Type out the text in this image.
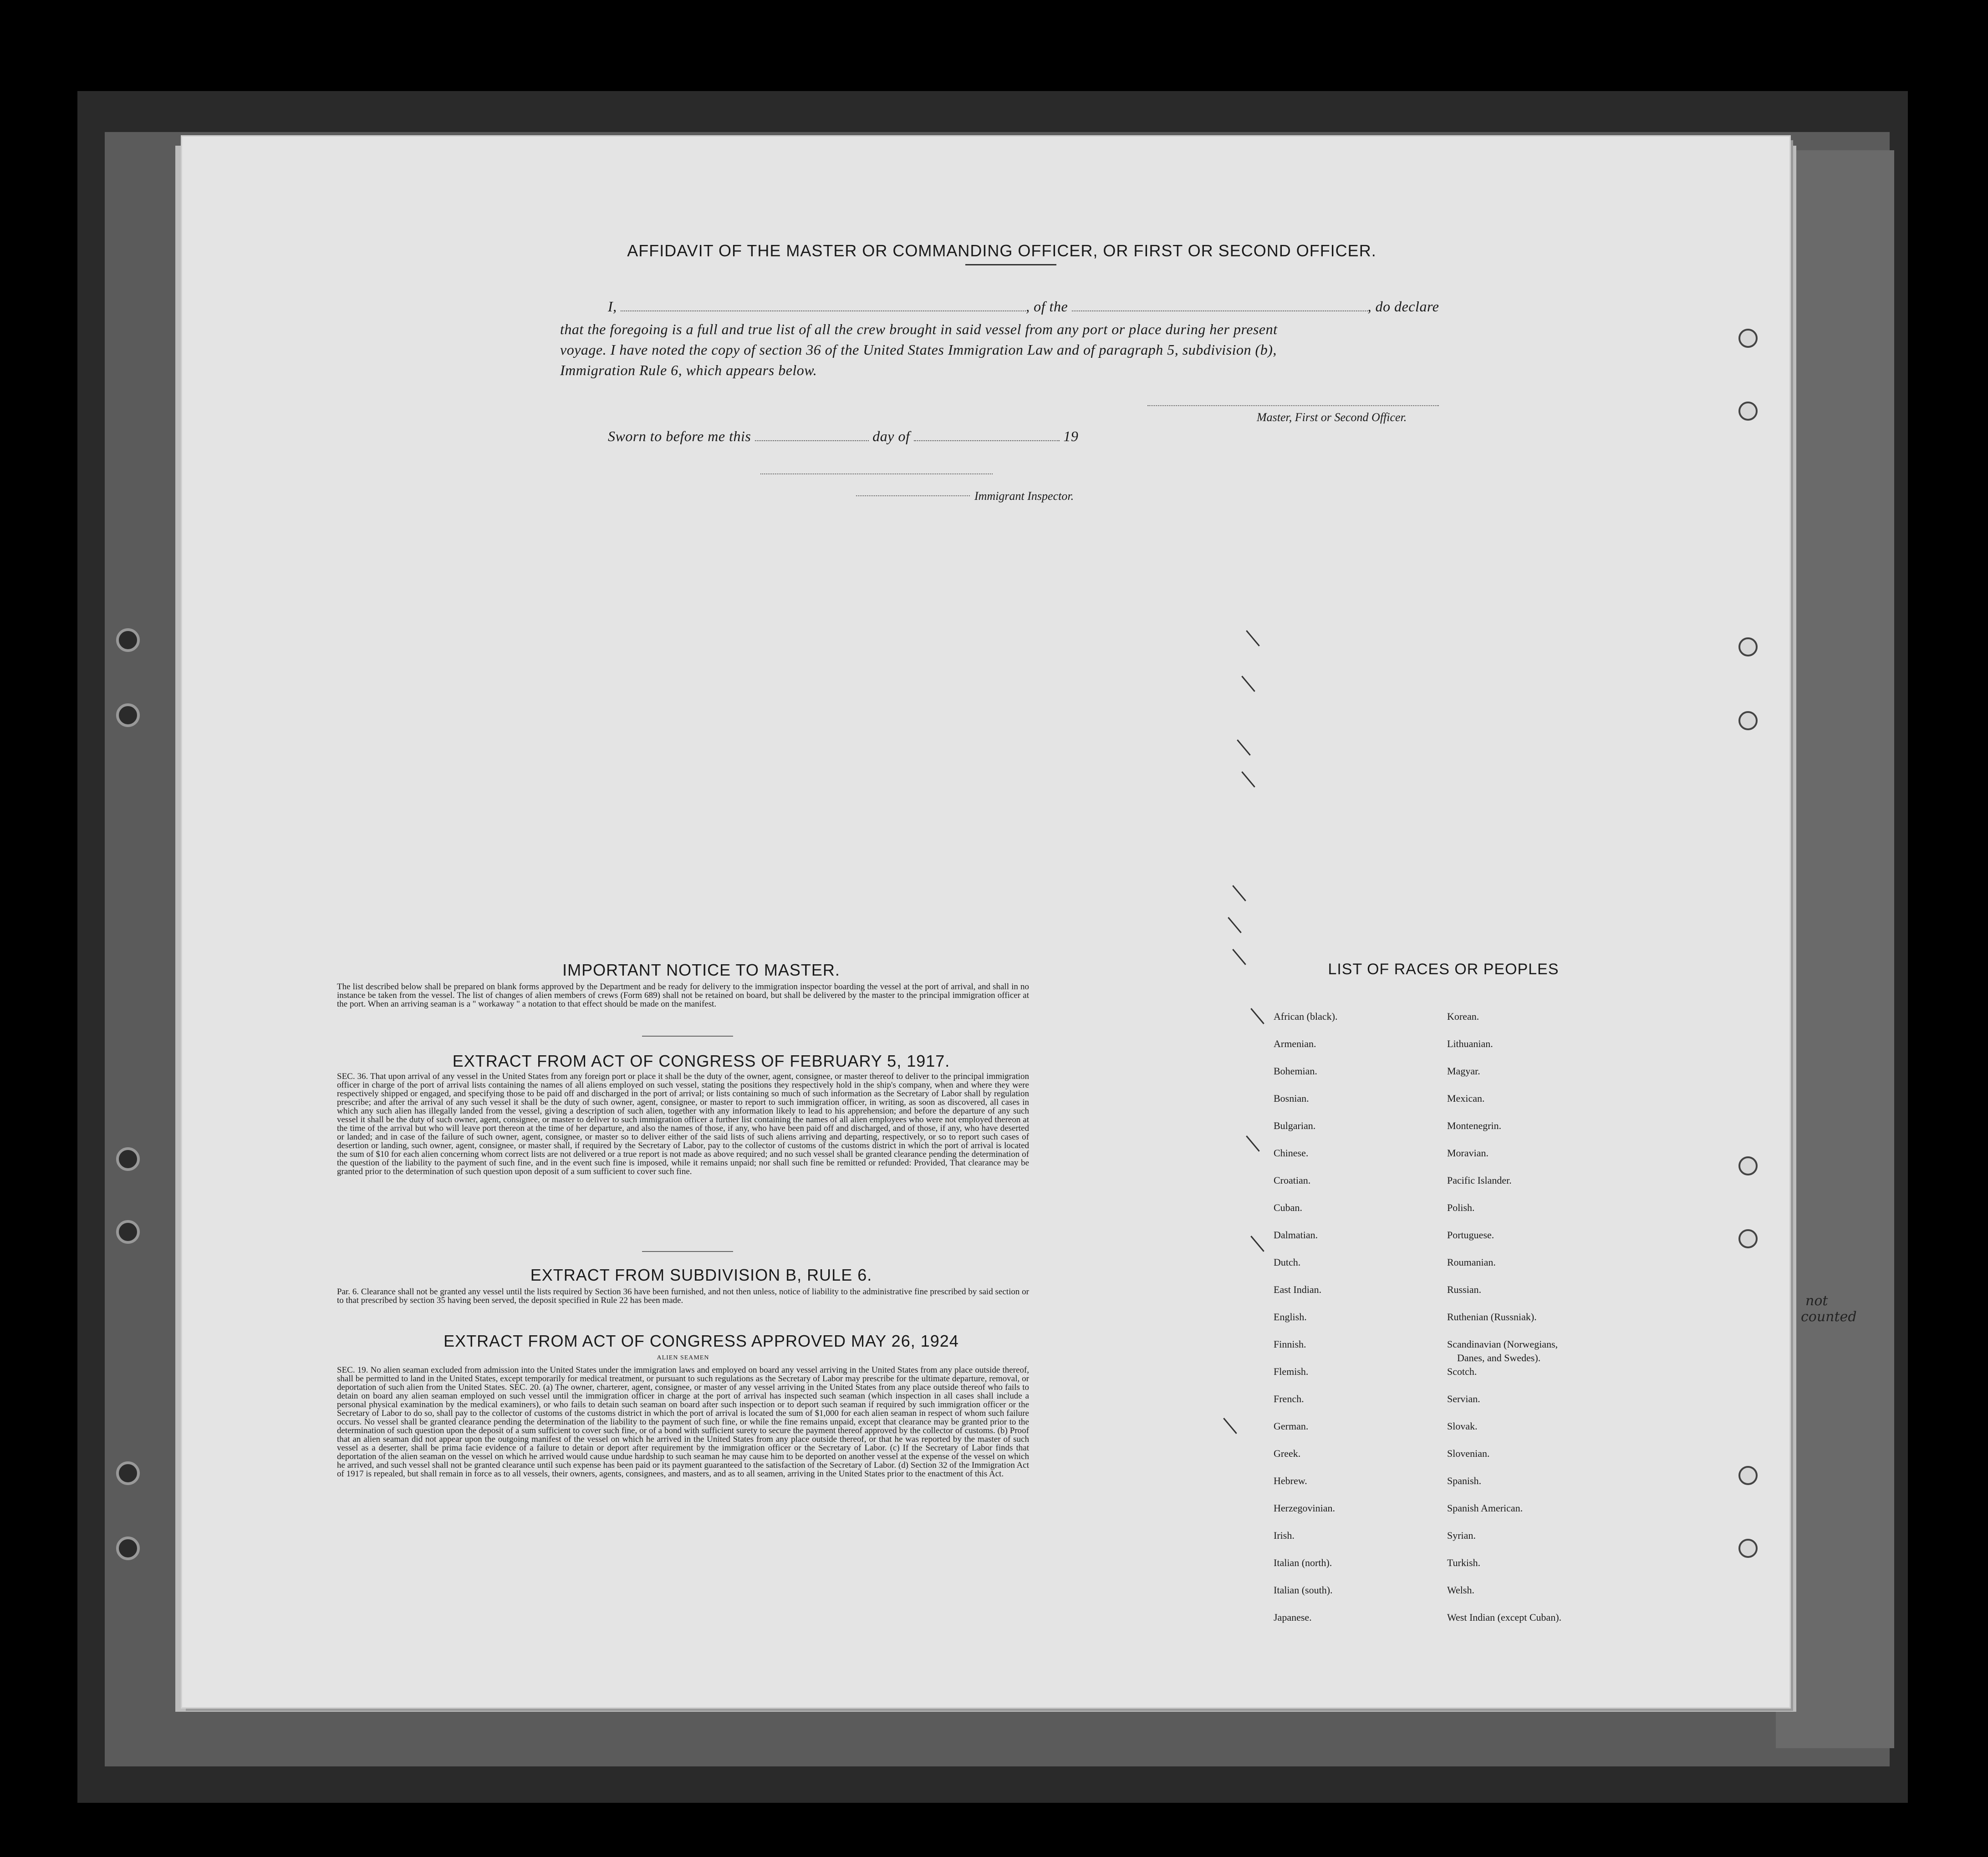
AFFIDAVIT OF THE MASTER OR COMMANDING OFFICER, OR FIRST OR SECOND OFFICER.
I,	, of the	, do declare
that the foregoing is a full and true list of all the crew brought in said vessel from any port or place during her present
voyage. I have noted the copy of section 36 of the United States Immigration Law and of paragraph 5, subdivision (b),
Immigration Rule 6, which appears below.
Master, First or Second Officer.
Sworn to before me this	day of	19
Immigrant Inspector.
IMPORTANT NOTICE TO MASTER.
The list described below shall be prepared on blank forms approved by the Department and be ready for delivery to the immigration inspector boarding the vessel at the port of arrival, and shall in no instance be taken from the vessel. The list of changes of alien members of crews (Form 689) shall not be retained on board, but shall be delivered by the master to the principal immigration officer at the port. When an arriving seaman is a " workaway " a notation to that effect should be made on the manifest.
EXTRACT FROM ACT OF CONGRESS OF FEBRUARY 5, 1917.
SEC. 36. That upon arrival of any vessel in the United States from any foreign port or place it shall be the duty of the owner, agent, consignee, or master thereof to deliver to the principal immigration officer in charge of the port of arrival lists containing the names of all aliens employed on such vessel, stating the positions they respectively hold in the ship's company, when and where they were respectively shipped or engaged, and specifying those to be paid off and discharged in the port of arrival; or lists containing so much of such information as the Secretary of Labor shall by regulation prescribe; and after the arrival of any such vessel it shall be the duty of such owner, agent, consignee, or master to report to such immigration officer, in writing, as soon as discovered, all cases in which any such alien has illegally landed from the vessel, giving a description of such alien, together with any information likely to lead to his apprehension; and before the departure of any such vessel it shall be the duty of such owner, agent, consignee, or master to deliver to such immigration officer a further list containing the names of all alien employees who were not employed thereon at the time of the arrival but who will leave port thereon at the time of her departure, and also the names of those, if any, who have been paid off and discharged, and of those, if any, who have deserted or landed; and in case of the failure of such owner, agent, consignee, or master so to deliver either of the said lists of such aliens arriving and departing, respectively, or so to report such cases of desertion or landing, such owner, agent, consignee, or master shall, if required by the Secretary of Labor, pay to the collector of customs of the customs district in which the port of arrival is located the sum of $10 for each alien concerning whom correct lists are not delivered or a true report is not made as above required; and no such vessel shall be granted clearance pending the determination of the question of the liability to the payment of such fine, and in the event such fine is imposed, while it remains unpaid; nor shall such fine be remitted or refunded: Provided, That clearance may be granted prior to the determination of such question upon deposit of a sum sufficient to cover such fine.
EXTRACT FROM SUBDIVISION B, RULE 6.
Par. 6. Clearance shall not be granted any vessel until the lists required by Section 36 have been furnished, and not then unless, notice of liability to the administrative fine prescribed by said section or to that prescribed by section 35 having been served, the deposit specified in Rule 22 has been made.
EXTRACT FROM ACT OF CONGRESS APPROVED MAY 26, 1924
ALIEN SEAMEN
SEC. 19. No alien seaman excluded from admission into the United States under the immigration laws and employed on board any vessel arriving in the United States from any place outside thereof, shall be permitted to land in the United States, except temporarily for medical treatment, or pursuant to such regulations as the Secretary of Labor may prescribe for the ultimate departure, removal, or deportation of such alien from the United States. SEC. 20. (a) The owner, charterer, agent, consignee, or master of any vessel arriving in the United States from any place outside thereof who fails to detain on board any alien seaman employed on such vessel until the immigration officer in charge at the port of arrival has inspected such seaman (which inspection in all cases shall include a personal physical examination by the medical examiners), or who fails to detain such seaman on board after such inspection or to deport such seaman if required by such immigration officer or the Secretary of Labor to do so, shall pay to the collector of customs of the customs district in which the port of arrival is located the sum of $1,000 for each alien seaman in respect of whom such failure occurs. No vessel shall be granted clearance pending the determination of the liability to the payment of such fine, or while the fine remains unpaid, except that clearance may be granted prior to the determination of such question upon the deposit of a sum sufficient to cover such fine, or of a bond with sufficient surety to secure the payment thereof approved by the collector of customs. (b) Proof that an alien seaman did not appear upon the outgoing manifest of the vessel on which he arrived in the United States from any place outside thereof, or that he was reported by the master of such vessel as a deserter, shall be prima facie evidence of a failure to detain or deport after requirement by the immigration officer or the Secretary of Labor. (c) If the Secretary of Labor finds that deportation of the alien seaman on the vessel on which he arrived would cause undue hardship to such seaman he may cause him to be deported on another vessel at the expense of the vessel on which he arrived, and such vessel shall not be granted clearance until such expense has been paid or its payment guaranteed to the satisfaction of the Secretary of Labor. (d) Section 32 of the Immigration Act of 1917 is repealed, but shall remain in force as to all vessels, their owners, agents, consignees, and masters, and as to all seamen, arriving in the United States prior to the enactment of this Act.
LIST OF RACES OR PEOPLES
African (black).
Armenian.
Bohemian.
Bosnian.
Bulgarian.
Chinese.
Croatian.
Cuban.
Dalmatian.
Dutch.
East Indian.
English.
Finnish.
Flemish.
French.
German.
Greek.
Hebrew.
Herzegovinian.
Irish.
Italian (north).
Italian (south).
Japanese.
Korean.
Lithuanian.
Magyar.
Mexican.
Montenegrin.
Moravian.
Pacific Islander.
Polish.
Portuguese.
Roumanian.
Russian.
Ruthenian (Russniak).
Scandinavian (Norwegians,
Danes, and Swedes).
Scotch.
Servian.
Slovak.
Slovenian.
Spanish.
Spanish American.
Syrian.
Turkish.
Welsh.
West Indian (except Cuban).
not
counted
